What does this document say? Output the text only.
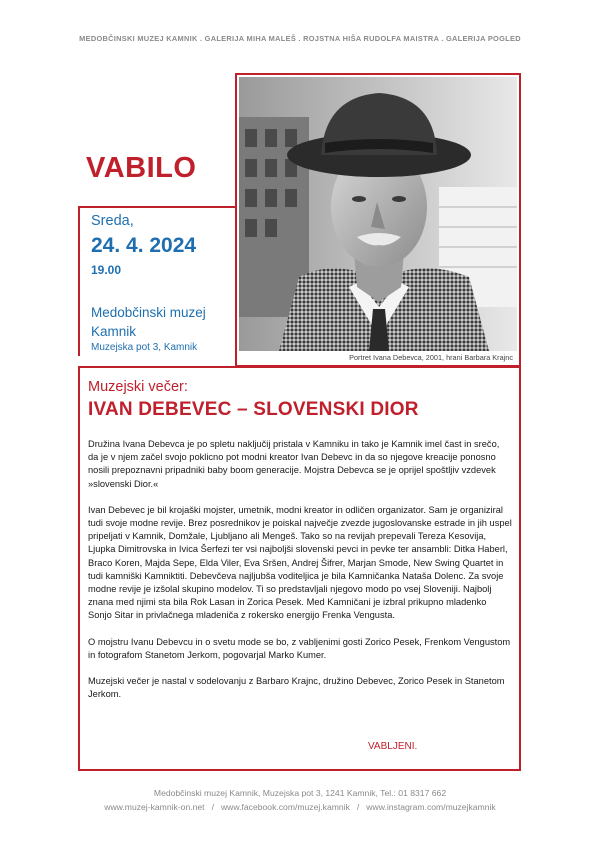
MEDOBČINSKI MUZEJ KAMNIK . GALERIJA MIHA MALEŠ . ROJSTNA HIŠA RUDOLFA MAISTRA . GALERIJA POGLED
VABILO
Sreda,
24. 4. 2024
19.00
Medobčinski muzej Kamnik
Muzejska pot 3, Kamnik
Portret Ivana Debevca, 2001, hrani Barbara Krajnc
Muzejski večer:
IVAN DEBEVEC – SLOVENSKI DIOR

Družina Ivana Debevca je po spletu naključij pristala v Kamniku in tako je Kamnik imel čast in srečo, da je v njem začel svojo poklicno pot modni kreator Ivan Debevc in da so njegove kreacije ponosno nosili prepoznavni pripadniki baby boom generacije. Mojstra Debevca se je oprijel spoštljiv vzdevek »slovenski Dior.«

Ivan Debevec je bil krojaški mojster, umetnik, modni kreator in odličen organizator. Sam je organiziral tudi svoje modne revije. Brez posrednikov je poiskal največje zvezde jugoslovanske estrade in jih uspel pripeljati v Kamnik, Domžale, Ljubljano ali Mengeš. Tako so na revijah prepevali Tereza Kesovija, Ljupka Dimitrovska in Ivica Šerfezi ter vsi najboljši slovenski pevci in pevke ter ansambli: Ditka Haberl, Braco Koren, Majda Sepe, Elda Viler, Eva Sršen, Andrej Šifrer, Marjan Smode, New Swing Quartet in tudi kamniški Kamniktiti. Debevčeva najljubša voditeljica je bila Kamničanka Nataša Dolenc. Za svoje modne revije je izšolal skupino modelov. Ti so predstavljali njegovo modo po vsej Sloveniji. Najbolj znana med njimi sta bila Rok Lasan in Zorica Pesek. Med Kamničani je izbral prikupno mladenko Sonjo Sitar in privlačnega mladeniča z rokersko energijo Frenka Vengusta.

O mojstru Ivanu Debevcu in o svetu mode se bo, z vabljenimi gosti Zorico Pesek, Frenkom Vengustom in fotografom Stanetom Jerkom, pogovarjal Marko Kumer.

Muzejski večer je nastal v sodelovanju z Barbaro Krajnc, družino Debevec, Zorico Pesek in Stanetom Jerkom.

VABLJENI.
Medobčinski muzej Kamnik, Muzejska pot 3, 1241 Kamnik, Tel.: 01 8317 662
www.muzej-kamnik-on.net / www.facebook.com/muzej.kamnik / www.instagram.com/muzejkamnik
